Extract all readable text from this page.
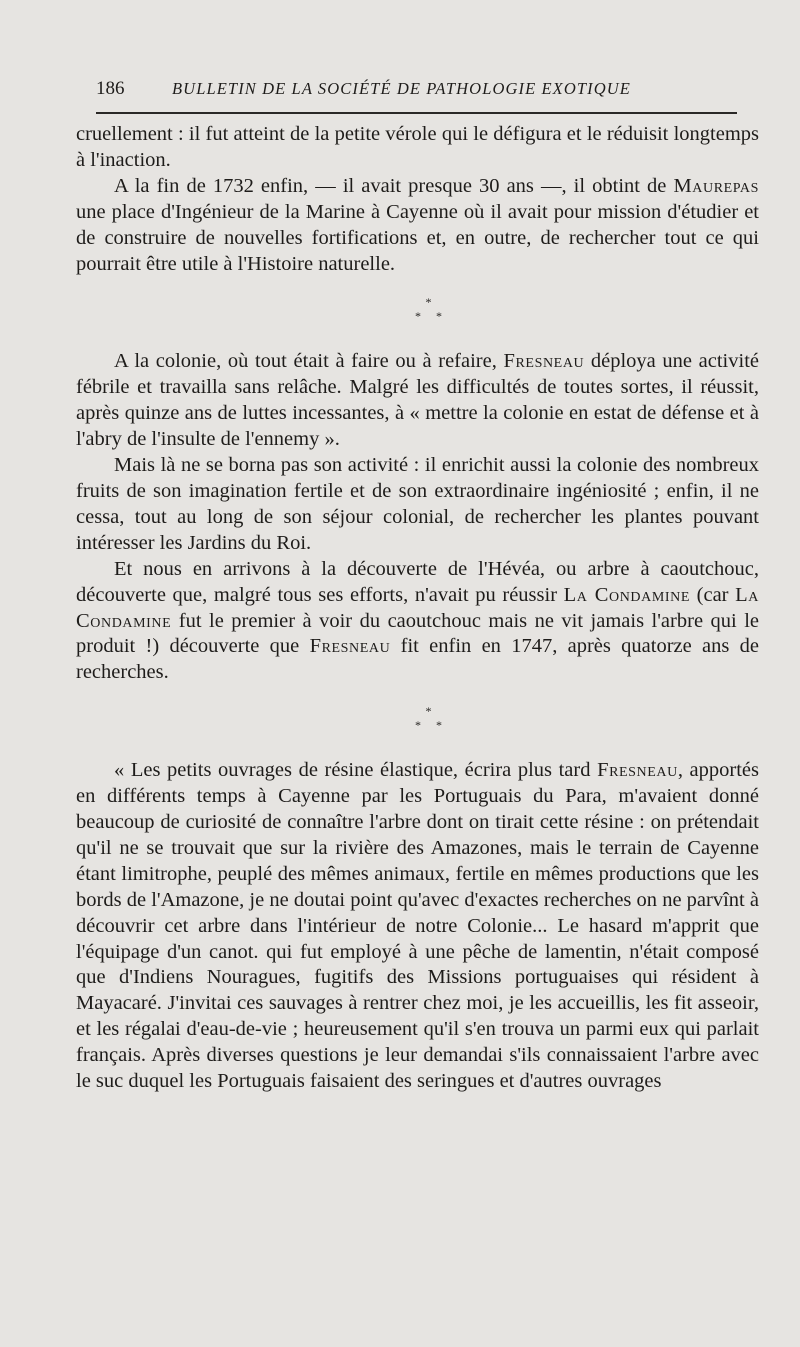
186	BULLETIN DE LA SOCIÉTÉ DE PATHOLOGIE EXOTIQUE

cruellement : il fut atteint de la petite vérole qui le défigura et le réduisit longtemps à l'inaction.

A la fin de 1732 enfin, — il avait presque 30 ans —, il obtint de Maurepas une place d'Ingénieur de la Marine à Cayenne où il avait pour mission d'étudier et de construire de nouvelles fortifications et, en outre, de rechercher tout ce qui pourrait être utile à l'Histoire naturelle.

*
* *

A la colonie, où tout était à faire ou à refaire, Fresneau déploya une activité fébrile et travailla sans relâche. Malgré les difficultés de toutes sortes, il réussit, après quinze ans de luttes incessantes, à « mettre la colonie en estat de défense et à l'abry de l'insulte de l'ennemy ».

Mais là ne se borna pas son activité : il enrichit aussi la colonie des nombreux fruits de son imagination fertile et de son extraordinaire ingéniosité ; enfin, il ne cessa, tout au long de son séjour colonial, de rechercher les plantes pouvant intéresser les Jardins du Roi.

Et nous en arrivons à la découverte de l'Hévéa, ou arbre à caoutchouc, découverte que, malgré tous ses efforts, n'avait pu réussir La Condamine (car La Condamine fut le premier à voir du caoutchouc mais ne vit jamais l'arbre qui le produit !) découverte que Fresneau fit enfin en 1747, après quatorze ans de recherches.

*
* *

« Les petits ouvrages de résine élastique, écrira plus tard Fresneau, apportés en différents temps à Cayenne par les Portuguais du Para, m'avaient donné beaucoup de curiosité de connaître l'arbre dont on tirait cette résine : on prétendait qu'il ne se trouvait que sur la rivière des Amazones, mais le terrain de Cayenne étant limitrophe, peuplé des mêmes animaux, fertile en mêmes productions que les bords de l'Amazone, je ne doutai point qu'avec d'exactes recherches on ne parvînt à découvrir cet arbre dans l'intérieur de notre Colonie... Le hasard m'apprit que l'équipage d'un canot. qui fut employé à une pêche de lamentin, n'était composé que d'Indiens Nouragues, fugitifs des Missions portuguaises qui résident à Mayacaré. J'invitai ces sauvages à rentrer chez moi, je les accueillis, les fit asseoir, et les régalai d'eau-de-vie ; heureusement qu'il s'en trouva un parmi eux qui parlait français. Après diverses questions je leur demandai s'ils connaissaient l'arbre avec le suc duquel les Portuguais faisaient des seringues et d'autres ouvrages
